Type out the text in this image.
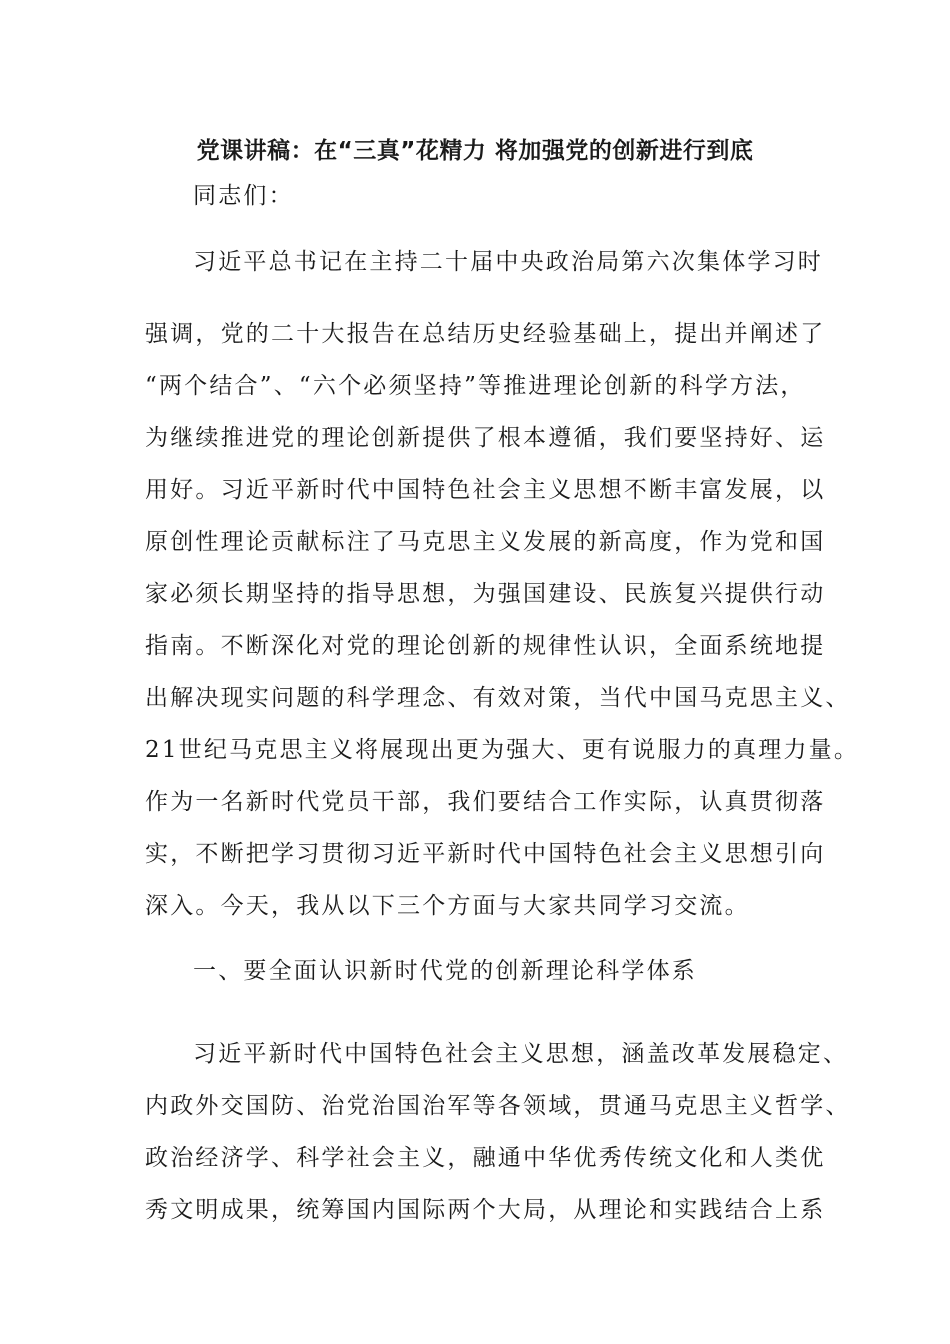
党课讲稿：在“三真”花精力 将加强党的创新进行到底

同志们：

习近平总书记在主持二十届中央政治局第六次集体学习时

强调，党的二十大报告在总结历史经验基础上，提出并阐述了

“两个结合”、“六个必须坚持”等推进理论创新的科学方法，

为继续推进党的理论创新提供了根本遵循，我们要坚持好、运

用好。习近平新时代中国特色社会主义思想不断丰富发展，以

原创性理论贡献标注了马克思主义发展的新高度，作为党和国

家必须长期坚持的指导思想，为强国建设、民族复兴提供行动

指南。不断深化对党的理论创新的规律性认识，全面系统地提

出解决现实问题的科学理念、有效对策，当代中国马克思主义、

21世纪马克思主义将展现出更为强大、更有说服力的真理力量。

作为一名新时代党员干部，我们要结合工作实际，认真贯彻落

实，不断把学习贯彻习近平新时代中国特色社会主义思想引向

深入。今天，我从以下三个方面与大家共同学习交流。

一、要全面认识新时代党的创新理论科学体系

习近平新时代中国特色社会主义思想，涵盖改革发展稳定、

内政外交国防、治党治国治军等各领域，贯通马克思主义哲学、

政治经济学、科学社会主义，融通中华优秀传统文化和人类优

秀文明成果，统筹国内国际两个大局，从理论和实践结合上系
